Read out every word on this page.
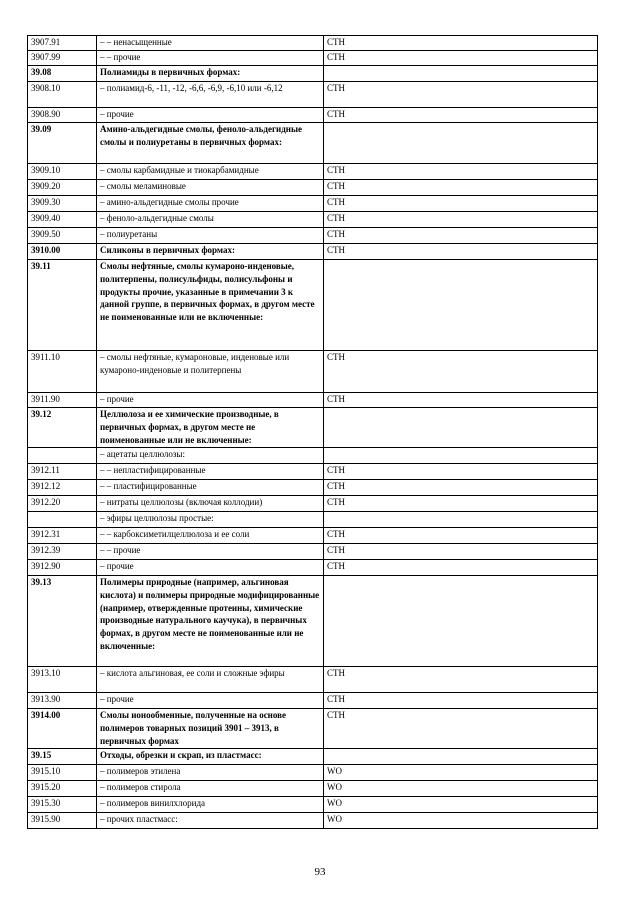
3907.91	– – ненасыщенные	СТН
3907.99	– – прочие	СТН
39.08	Полиамиды в первичных формах:	
3908.10	– полиамид-6, -11, -12, -6,6, -6,9, -6,10 или -6,12	СТН
3908.90	– прочие	СТН
39.09	Амино-альдегидные смолы, феноло-альдегидные смолы и полиуретаны в первичных формах:	
3909.10	– смолы карбамидные и тиокарбамидные	СТН
3909.20	– смолы меламиновые	СТН
3909.30	– амино-альдегидные смолы прочие	СТН
3909.40	– феноло-альдегидные смолы	СТН
3909.50	– полиуретаны	СТН
3910.00	Силиконы в первичных формах:	СТН
39.11	Смолы нефтяные, смолы кумароно-инденовые, политерпены, полисульфиды, полисульфоны и продукты прочие, указанные в примечании 3 к данной группе, в первичных формах, в другом месте не поименованные или не включенные:	
3911.10	– смолы нефтяные, кумароновые, инденовые или кумароно-инденовые и политерпены	СТН
3911.90	– прочие	СТН
39.12	Целлюлоза и ее химические производные, в первичных формах, в другом месте не поименованные или не включенные:	
	– ацетаты целлюлозы:	
3912.11	– – непластифицированные	СТН
3912.12	– – пластифицированные	СТН
3912.20	– нитраты целлюлозы (включая коллодии)	СТН
	– эфиры целлюлозы простые:	
3912.31	– – карбоксиметилцеллюлоза и ее соли	СТН
3912.39	– – прочие	СТН
3912.90	– прочие	СТН
39.13	Полимеры природные (например, альгиновая кислота) и полимеры природные модифицированные (например, отвержденные протеины, химические производные натурального каучука), в первичных формах, в другом месте не поименованные или не включенные:	
3913.10	– кислота альгиновая, ее соли и сложные эфиры	СТН
3913.90	– прочие	СТН
3914.00	Смолы ионообменные, полученные на основе полимеров товарных позиций 3901 – 3913, в первичных формах	СТН
39.15	Отходы, обрезки и скрап, из пластмасс:	
3915.10	– полимеров этилена	WO
3915.20	– полимеров стирола	WO
3915.30	– полимеров винилхлорида	WO
3915.90	– прочих пластмасс:	WO
93
